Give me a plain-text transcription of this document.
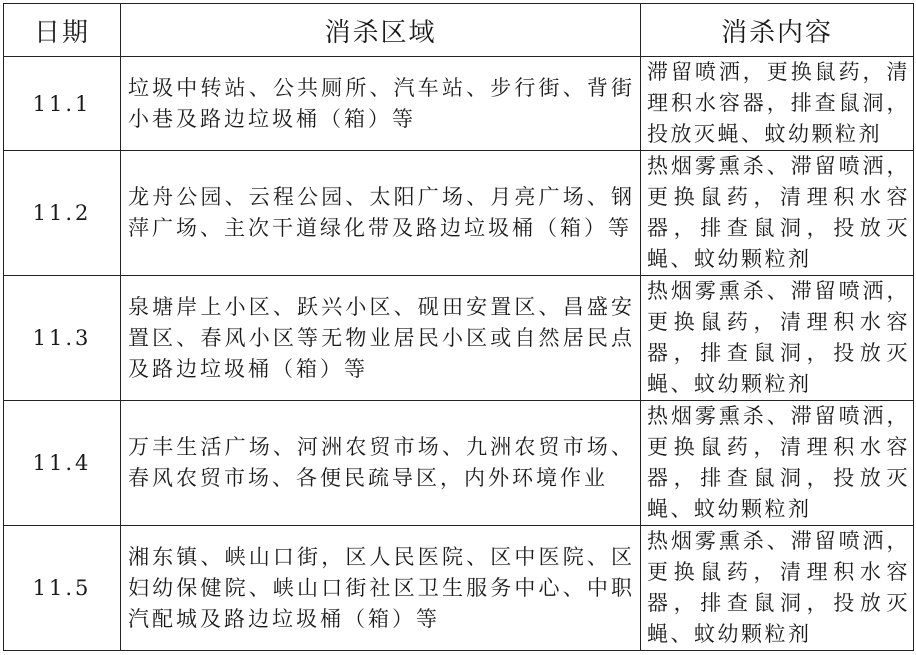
日期	消杀区域	消杀内容
11.1	垃圾中转站、公共厕所、汽车站、步行街、背街小巷及路边垃圾桶（箱）等	滞留喷洒，更换鼠药，清理积水容器，排查鼠洞，投放灭蝇、蚊幼颗粒剂
11.2	龙舟公园、云程公园、太阳广场、月亮广场、钢萍广场、主次干道绿化带及路边垃圾桶（箱）等	热烟雾熏杀、滞留喷洒，更换鼠药，清理积水容器，排查鼠洞，投放灭蝇、蚊幼颗粒剂
11.3	泉塘岸上小区、跃兴小区、砚田安置区、昌盛安置区、春风小区等无物业居民小区或自然居民点及路边垃圾桶（箱）等	热烟雾熏杀、滞留喷洒，更换鼠药，清理积水容器，排查鼠洞，投放灭蝇、蚊幼颗粒剂
11.4	万丰生活广场、河洲农贸市场、九洲农贸市场、春风农贸市场、各便民疏导区，内外环境作业	热烟雾熏杀、滞留喷洒，更换鼠药，清理积水容器，排查鼠洞，投放灭蝇、蚊幼颗粒剂
11.5	湘东镇、峡山口街，区人民医院、区中医院、区妇幼保健院、峡山口街社区卫生服务中心、中职汽配城及路边垃圾桶（箱）等	热烟雾熏杀、滞留喷洒，更换鼠药，清理积水容器，排查鼠洞，投放灭蝇、蚊幼颗粒剂
